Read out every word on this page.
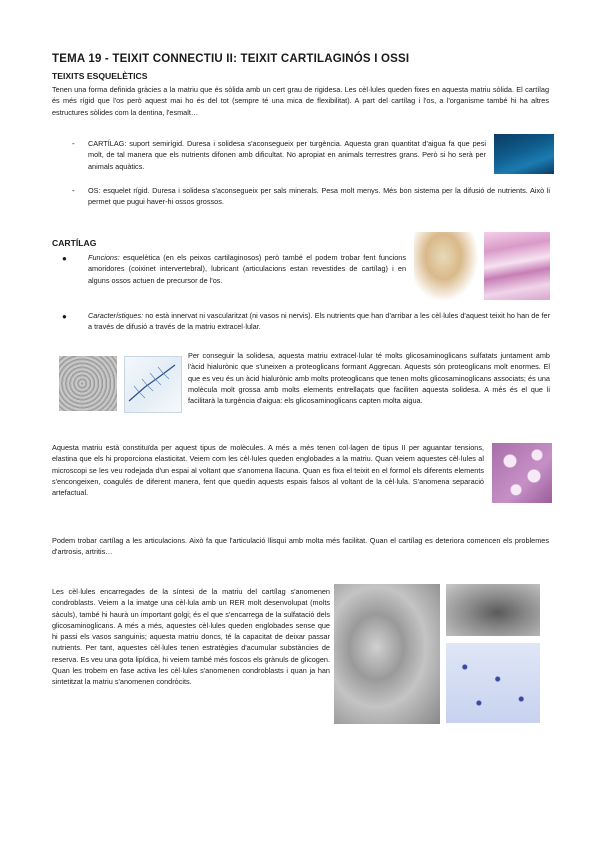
TEMA 19 - TEIXIT CONNECTIU II: TEIXIT CARTILAGINÓS I OSSI
TEIXITS ESQUELÈTICS
Tenen una forma definida gràcies a la matriu que és sòlida amb un cert grau de rigidesa. Les cèl·lules queden fixes en aquesta matriu sòlida. El cartílag és més rígid que l'os però aquest mai ho és del tot (sempre té una mica de flexibilitat). A part del cartílag i l'os, a l'organisme també hi ha altres estructures sòlides com la dentina, l'esmalt…
- CARTÍLAG: suport semirígid. Duresa i solidesa s'aconsegueix per turgència. Aquesta gran quantitat d'aigua fa que pesi molt, de tal manera que els nutrients difonen amb dificultat. No apropiat en animals terrestres grans. Però si ho serà per animals aquàtics.
- OS: esquelet rígid. Duresa i solidesa s'aconsegueix per sals minerals. Pesa molt menys. Més bon sistema per la difusió de nutrients. Això li permet que pugui haver-hi ossos grossos.
CARTÍLAG
●	Funcions: esquelètica (en els peixos cartilaginosos) però també el podem trobar fent funcions amoridores (coixinet intervertebral), lubricant (articulacions estan revestides de cartílag) i en alguns ossos actuen de precursor de l'os.
●	Característiques: no està innervat ni vascularitzat (ni vasos ni nervis). Els nutrients que han d'arribar a les cèl·lules d'aquest teixit ho han de fer a través de difusió a través de la matriu extracel·lular.
Per conseguir la solidesa, aquesta matriu extracel·lular té molts glicosaminoglicans sulfatats juntament amb l'àcid hialurònic que s'uneixen a proteoglicans formant Aggrecan. Aquests són proteoglicans molt enormes. El que es veu és un àcid hialurònic amb molts proteoglicans que tenen molts glicosaminoglicans associats; és una molècula molt grossa amb molts elements entrellaçats que faciliten aquesta solidesa. A més és el que li facilitarà la turgència d'aigua: els glicosaminoglicans capten molta aigua.
Aquesta matriu està constituïda per aquest tipus de molècules. A més a més tenen col·lagen de tipus II per aguantar tensions, elastina que els hi proporciona elasticitat. Veiem com les cèl·lules queden englobades a la matriu. Quan veiem aquestes cèl·lules al microscopi se les veu rodejada d'un espai al voltant que s'anomena llacuna. Quan es fixa el teixit en el formol els diferents elements s'encongeixen, coagulés de diferent manera, fent que quedin aquests espais falsos al voltant de la cèl·lula. S'anomena separació artefactual.
Podem trobar cartílag a les articulacions. Això fa que l'articulació llisqui amb molta més facilitat. Quan el cartílag es deteriora comencen els problemes d'artrosis, artritis…
Les cèl·lules encarregades de la síntesi de la matriu del cartílag s'anomenen condroblasts. Veiem a la imatge una cèl·lula amb un RER molt desenvolupat (molts sàculs), també hi haurà un important golgi; és el que s'encarrega de la sulfatació dels glicosaminoglicans. A més a més, aquestes cèl·lules queden englobades sense que hi passi els vasos sanguinis; aquesta matriu doncs, té la capacitat de deixar passar nutrients. Per tant, aquestes cèl·lules tenen estratègies d'acumular substàncies de reserva. Es veu una gota lipídica, hi veiem també més foscos els grànuls de glicogen. Quan les trobem en fase activa les cèl·lules s'anomenen condroblasts i quan ja han sintetitzat la matriu s'anomenen condròcits.
